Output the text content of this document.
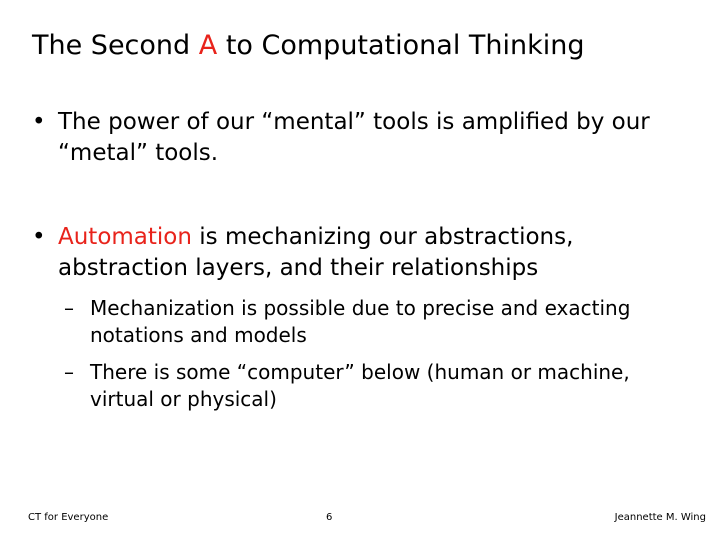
The Second A to Computational Thinking
• The power of our “mental” tools is amplified by our “metal” tools.
• Automation is mechanizing our abstractions, abstraction layers, and their relationships
– Mechanization is possible due to precise and exacting notations and models
– There is some “computer” below (human or machine, virtual or physical)
CT for Everyone	6	Jeannette M. Wing
